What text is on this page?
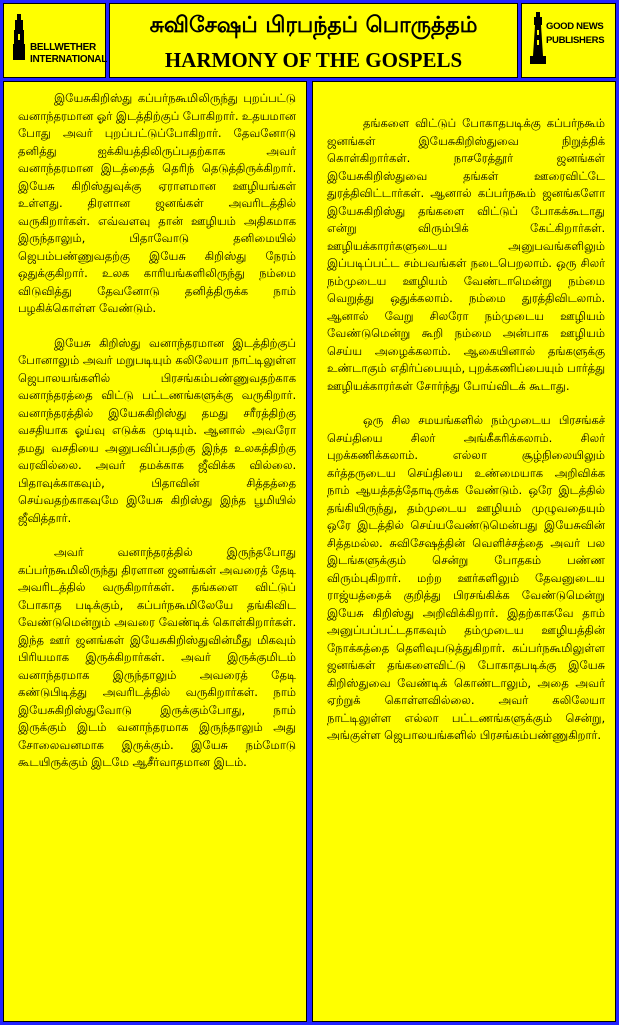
BELLWETHER
INTERNATIONAL
சுவிசேஷப் பிரபந்தப் பொருத்தம்
HARMONY OF THE GOSPELS
GOOD NEWS
PUBLISHERS

இயேசுகிறிஸ்து கப்பர்நகூமிலிருந்து புறப்பட்டு வனாந்தரமான ஓர் இடத்திற்குப் போகிறார். உதயமான போது அவர் புறப்பட்டுப்போகிறார். தேவனோடு தனித்து ஐக்கியத்திலிருப்பதற்காக அவர் வனாந்தரமான இடத்தைத் தெரிந் தெடுத்திருக்கிறார். இயேசு கிறிஸ்துவுக்கு ஏராளமான ஊழியங்கள் உள்ளது. திரளான ஜனங்கள் அவரிடத்தில் வருகிறார்கள். எவ்வளவு தான் ஊழியம் அதிகமாக இருந்தாலும், பிதாவோடு தனிமையில் ஜெபம்பண்ணுவதற்கு இயேசு கிறிஸ்து நேரம் ஒதுக்குகிறார். உலக காரியங்களிலிருந்து நம்மை விடுவித்து தேவனோடு தனித்திருக்க நாம் பழகிக்கொள்ள வேண்டும்.

இயேசு கிறிஸ்து வனாந்தரமான இடத்திற்குப் போனாலும் அவர் மறுபடியும் கலிலேயா நாட்டிலுள்ள ஜெபாலயங்களில் பிரசங்கம்பண்ணுவதற்காக வனாந்தரத்தை விட்டு பட்டணங்களுக்கு வருகிறார். வனாந்தரத்தில் இயேசுகிறிஸ்து தமது சரீரத்திற்கு வசதியாக ஓய்வு எடுக்க முடியும். ஆனால் அவரோ தமது வசதியை அனுபவிப்பதற்கு இந்த உலகத்திற்கு வரவில்லை. அவர் தமக்காக ஜீவிக்க வில்லை. பிதாவுக்காகவும், பிதாவின் சித்தத்தை செய்வதற்காகவுமே இயேசு கிறிஸ்து இந்த பூமியில் ஜீவித்தார்.

அவர் வனாந்தரத்தில் இருந்தபோது கப்பர்நகூமிலிருந்து திரளான ஜனங்கள் அவரைத் தேடி அவரிடத்தில் வருகிறார்கள். தங்களை விட்டுப் போகாத படிக்கும், கப்பர்நகூமிலேயே தங்கிவிட வேண்டுமென்றும் அவரை வேண்டிக் கொள்கிறார்கள். இந்த ஊர் ஜனங்கள் இயேசுகிறிஸ்துவின்மீது மிகவும் பிரியமாக இருக்கிறார்கள். அவர் இருக்குமிடம் வனாந்தரமாக இருந்தாலும் அவரைத் தேடி கண்டுபிடித்து அவரிடத்தில் வருகிறார்கள். நாம் இயேசுகிறிஸ்துவோடு இருக்கும்போது, நாம் இருக்கும் இடம் வனாந்தரமாக இருந்தாலும் அது சோலைவனமாக இருக்கும். இயேசு நம்மோடு கூடயிருக்கும் இடமே ஆசீர்வாதமான இடம்.

தங்களை விட்டுப் போகாதபடிக்கு கப்பர்நகூம் ஜனங்கள் இயேசுகிறிஸ்துவை நிறுத்திக் கொள்கிறார்கள். நாசரேத்தூர் ஜனங்கள் இயேசுகிறிஸ்துவை தங்கள் ஊரைவிட்டே துரத்திவிட்டார்கள். ஆனால் கப்பர்நகூம் ஜனங்களோ இயேசுகிறிஸ்து தங்களை விட்டுப் போகக்கூடாது என்று விரும்பிக் கேட்கிறார்கள். ஊழியக்காரர்களுடைய அனுபவங்களிலும் இப்படிப்பட்ட சம்பவங்கள் நடைபெறலாம். ஒரு சிலர் நம்முடைய ஊழியம் வேண்டாமென்று நம்மை வெறுத்து ஒதுக்கலாம். நம்மை துரத்திவிடலாம். ஆனால் வேறு சிலரோ நம்முடைய ஊழியம் வேண்டுமென்று கூறி நம்மை அன்பாக ஊழியம் செய்ய அழைக்கலாம். ஆகையினால் தங்களுக்கு உண்டாகும் எதிர்ப்பையும், புறக்கணிப்பையும் பார்த்து ஊழியக்காரர்கள் சோர்ந்து போய்விடக் கூடாது.

ஒரு சில சமயங்களில் நம்முடைய பிரசங்கச் செய்தியை சிலர் அங்கீகரிக்கலாம். சிலர் புறக்கணிக்கலாம். எல்லா சூழ்நிலையிலும் கர்த்தருடைய செய்தியை உண்மையாக அறிவிக்க நாம் ஆயத்தத்தோடிருக்க வேண்டும். ஒரே இடத்தில் தங்கியிருந்து, தம்முடைய ஊழியம் முழுவதையும் ஒரே இடத்தில் செய்யவேண்டுமென்பது இயேசுவின் சித்தமல்ல. சுவிசேஷத்தின் வெளிச்சத்தை அவர் பல இடங்களுக்கும் சென்று போதகம் பண்ண விரும்புகிறார். மற்ற ஊர்களிலும் தேவனுடைய ராஜ்யத்தைக் குறித்து பிரசங்கிக்க வேண்டுமென்று இயேசு கிறிஸ்து அறிவிக்கிறார். இதற்காகவே தாம் அனுப்பப்பட்டதாகவும் தம்முடைய ஊழியத்தின் நோக்கத்தை தெளிவுபடுத்துகிறார். கப்பர்நகூமிலுள்ள ஜனங்கள் தங்களைவிட்டு போகாதபடிக்கு இயேசு கிறிஸ்துவை வேண்டிக் கொண்டாலும், அதை அவர் ஏற்றுக் கொள்ளவில்லை. அவர் கலிலேயா நாட்டிலுள்ள எல்லா பட்டணங்களுக்கும் சென்று, அங்குள்ள ஜெபாலயங்களில் பிரசங்கம்பண்ணுகிறார்.
